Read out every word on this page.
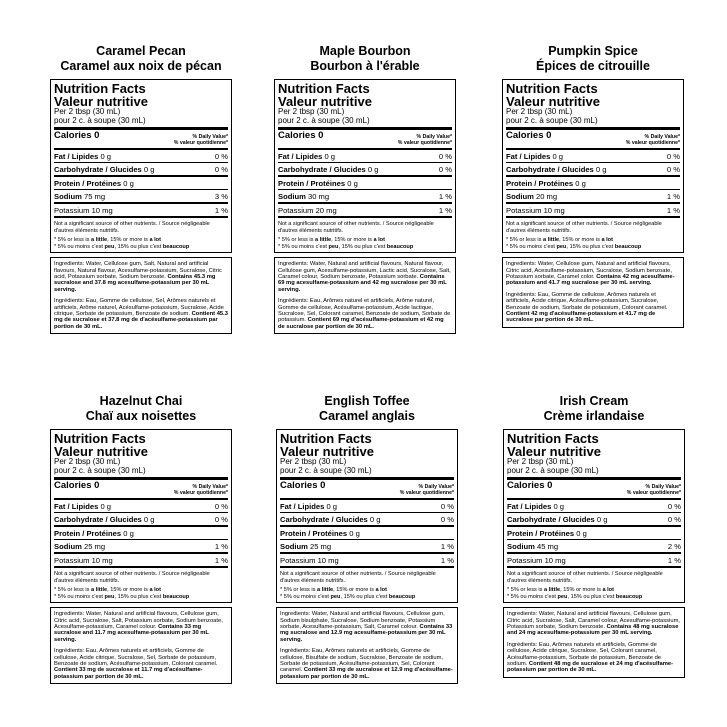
Caramel Pecan
Caramel aux noix de pécan
Nutrition Facts
Valeur nutritive
Per 2 tbsp (30 mL)
pour 2 c. à soupe (30 mL)
Calories 0	% Daily Value*
% valeur quotidienne*
Fat / Lipides 0 g	0 %
Carbohydrate / Glucides 0 g	0 %
Protein / Protéines 0 g
Sodium 75 mg	3 %
Potassium 10 mg	1 %
Not a significant source of other nutrients. / Source négligeable d'autres éléments nutritifs.
* 5% or less is a little, 15% or more is a lot
* 5% ou moins c'est peu, 15% ou plus c'est beaucoup

Ingredients: Water, Cellulose gum, Salt, Natural and artificial flavours, Natural flavour, Acesulfame-potassium, Sucralose, Citric acid, Potassium sorbate, Sodium benzoate. Contains 45.3 mg sucralose and 37.8 mg acesulfame-potassium per 30 mL serving.

Ingrédients: Eau, Gomme de cellulose, Sel, Arômes naturels et artificiels, Arôme naturel, Acésulfame-potassium, Sucralose, Acide citrique, Sorbate de potassium, Benzoate de sodium. Contient 45.3 mg de sucralose et 37.8 mg de d'acésulfame-potassium par portion de 30 mL.

Maple Bourbon
Bourbon à l'érable
Nutrition Facts
Valeur nutritive
Per 2 tbsp (30 mL)
pour 2 c. à soupe (30 mL)
Calories 0	% Daily Value*
% valeur quotidienne*
Fat / Lipides 0 g	0 %
Carbohydrate / Glucides 0 g	0 %
Protein / Protéines 0 g
Sodium 30 mg	1 %
Potassium 20 mg	1 %
Not a significant source of other nutrients. / Source négligeable d'autres éléments nutritifs.
* 5% or less is a little, 15% or more is a lot
* 5% ou moins c'est peu, 15% ou plus c'est beaucoup

Ingredients: Water, Natural and artificial flavours, Natural flavour, Cellulose gum, Acesulfame-potassium, Lactic acid, Sucralose, Salt, Caramel colour, Sodium benzoate, Potassium sorbate. Contains 69 mg acesulfame-potassium and 42 mg sucralose per 30 mL serving.

Ingrédients: Eau, Arômes naturel et artificiels, Arôme naturel, Gomme de cellulose, Acésulfame-potassium, Acide lactique, Sucralose, Sel, Colorant caramel, Benzoate de sodium, Sorbate de potassium. Contient 69 mg d'acésulfame-potassium et 42 mg de sucralose par portion de 30 mL.

Pumpkin Spice
Épices de citrouille
Nutrition Facts
Valeur nutritive
Per 2 tbsp (30 mL)
pour 2 c. à soupe (30 mL)
Calories 0	% Daily Value*
% valeur quotidienne*
Fat / Lipides 0 g	0 %
Carbohydrate / Glucides 0 g	0 %
Protein / Protéines 0 g
Sodium 20 mg	1 %
Potassium 10 mg	1 %
Not a significant source of other nutrients. / Source négligeable d'autres éléments nutritifs.
* 5% or less is a little, 15% or more is a lot
* 5% ou moins c'est peu, 15% ou plus c'est beaucoup

Ingredients: Water, Cellulose gum, Natural and artificial flavours, Citric acid, Acesulfame-potassium, Sucralose, Sodium benzoate, Potassium sorbate, Caramel color. Contains 42 mg acesulfame-potassium and 41.7 mg sucralose per 30 mL serving.

Ingrédients: Eau, Gomme de cellulose, Arômes naturels et artificiels, Acide citrique, Acésulfame-potassium, Sucralose, Benzoate de sodium, Sorbate de potassium, Colorant caramel. Contient 42 mg d'acésulfame-potassium et 41.7 mg de sucralose par portion de 30 mL.

Hazelnut Chai
Chaï aux noisettes
Nutrition Facts
Valeur nutritive
Per 2 tbsp (30 mL)
pour 2 c. à soupe (30 mL)
Calories 0	% Daily Value*
% valeur quotidienne*
Fat / Lipides 0 g	0 %
Carbohydrate / Glucides 0 g	0 %
Protein / Protéines 0 g
Sodium 25 mg	1 %
Potassium 10 mg	1 %
Not a significant source of other nutrients. / Source négligeable d'autres éléments nutritifs.
* 5% or less is a little, 15% or more is a lot
* 5% ou moins c'est peu, 15% ou plus c'est beaucoup

Ingredients: Water, Natural and artificial flavours, Cellulose gum, Citric acid, Sucralose, Salt, Potassium sorbate, Sodium benzoate, Acesulfame-potassium, Caramel colour. Contains 33 mg sucralose and 11.7 mg acesulfame-potassium per 30 mL serving.

Ingrédients: Eau, Arômes naturels et artificiels, Gomme de cellulose, Acide citrique, Sucralose, Sel, Sorbate de potassium, Benzoate de sodium, Acésulfame-potassium, Colorant caramel. Contient 33 mg de sucralose et 11.7 mg d'acésulfame-potassium par portion de 30 mL.

English Toffee
Caramel anglais
Nutrition Facts
Valeur nutritive
Per 2 tbsp (30 mL)
pour 2 c. à soupe (30 mL)
Calories 0	% Daily Value*
% valeur quotidienne*
Fat / Lipides 0 g	0 %
Carbohydrate / Glucides 0 g	0 %
Protein / Protéines 0 g
Sodium 25 mg	1 %
Potassium 10 mg	1 %
Not a significant source of other nutrients. / Source négligeable d'autres éléments nutritifs.
* 5% or less is a little, 15% or more is a lot
* 5% ou moins c'est peu, 15% ou plus c'est beaucoup

Ingredients: Water, Natural and artificial flavours, Cellulose gum, Sodium bisulphate, Sucralose, Sodium benzoate, Potassium sorbate, Acesulfame-potassium, Salt, Caramel colour. Contains 33 mg sucralose and 12.9 mg acesulfame-potassium per 30 mL serving.

Ingrédients: Eau, Arômes naturels et artificiels, Gomme de cellulose, Bisulfate de sodium, Sucralose, Benzoate de sodium, Sorbate de potassium, Acésulfame-potassium, Sel, Colorant caramel. Contient 33 mg de sucralose et 12.9 mg d'acésulfame-potassium par portion de 30 mL.

Irish Cream
Crème irlandaise
Nutrition Facts
Valeur nutritive
Per 2 tbsp (30 mL)
pour 2 c. à soupe (30 mL)
Calories 0	% Daily Value*
% valeur quotidienne*
Fat / Lipides 0 g	0 %
Carbohydrate / Glucides 0 g	0 %
Protein / Protéines 0 g
Sodium 45 mg	2 %
Potassium 10 mg	1 %
Not a significant source of other nutrients. / Source négligeable d'autres éléments nutritifs.
* 5% or less is a little, 15% or more is a lot
* 5% ou moins c'est peu, 15% ou plus c'est beaucoup

Ingredients: Water, Natural and artificial flavours, Cellulose gum, Citric acid, Sucralose, Salt, Caramel colour, Acesulfame-potassium, Potassium sorbate, Sodium benzoate. Contains 48 mg sucralose and 24 mg acesulfame-potassium per 30 mL serving.

Ingrédients: Eau, Arômes naturels et artificiels, Gomme de cellulose, Acide citrique, Sucralose, Sel, Colorant caramel, Acésulfame-potassium, Sorbate de potassium, Benzoate de sodium. Contient 48 mg de sucralose et 24 mg d'acésulfame-potassium par portion de 30 mL.
